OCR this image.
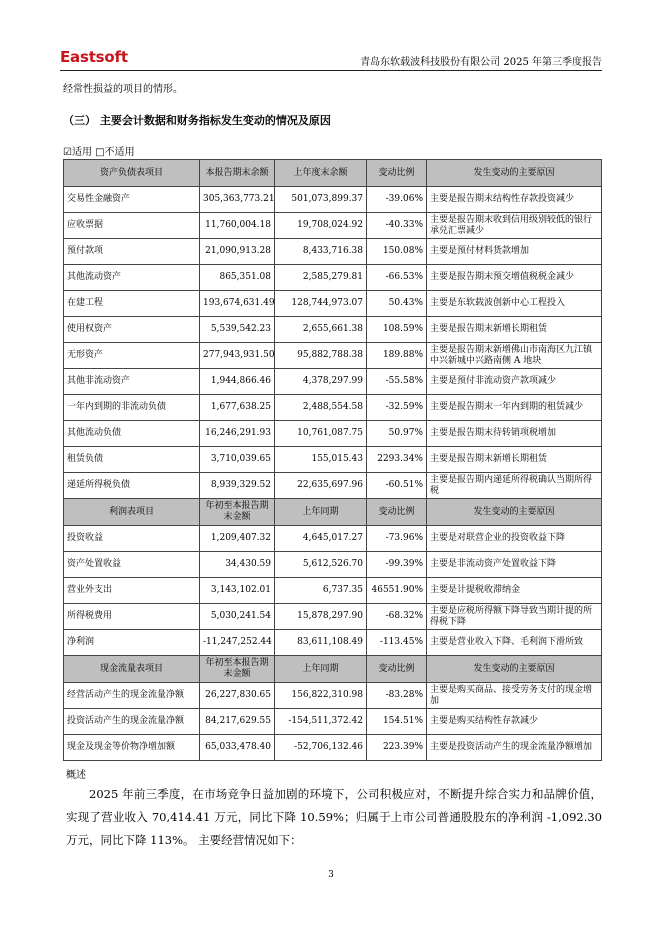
Eastsoft	青岛东软载波科技股份有限公司 2025 年第三季度报告
经常性损益的项目的情形。
（三） 主要会计数据和财务指标发生变动的情况及原因
☑适用 □不适用
资产负债表项目	本报告期末余额	上年度末余额	变动比例	发生变动的主要原因
交易性金融资产	305,363,773.21	501,073,899.37	-39.06%	主要是报告期末结构性存款投资减少
应收票据	11,760,004.18	19,708,024.92	-40.33%	主要是报告期末收到信用级别较低的银行承兑汇票减少
预付款项	21,090,913.28	8,433,716.38	150.08%	主要是预付材料货款增加
其他流动资产	865,351.08	2,585,279.81	-66.53%	主要是报告期末预交增值税税金减少
在建工程	193,674,631.49	128,744,973.07	50.43%	主要是东软载波创新中心工程投入
使用权资产	5,539,542.23	2,655,661.38	108.59%	主要是报告期末新增长期租赁
无形资产	277,943,931.50	95,882,788.38	189.88%	主要是报告期末新增佛山市南海区九江镇中兴新城中兴路南侧 A 地块
其他非流动资产	1,944,866.46	4,378,297.99	-55.58%	主要是预付非流动资产款项减少
一年内到期的非流动负债	1,677,638.25	2,488,554.58	-32.59%	主要是报告期末一年内到期的租赁减少
其他流动负债	16,246,291.93	10,761,087.75	50.97%	主要是报告期末待转销项税增加
租赁负债	3,710,039.65	155,015.43	2293.34%	主要是报告期末新增长期租赁
递延所得税负债	8,939,329.52	22,635,697.96	-60.51%	主要是报告期内递延所得税确认当期所得税
利润表项目	年初至本报告期末金额	上年同期	变动比例	发生变动的主要原因
投资收益	1,209,407.32	4,645,017.27	-73.96%	主要是对联营企业的投资收益下降
资产处置收益	34,430.59	5,612,526.70	-99.39%	主要是非流动资产处置收益下降
营业外支出	3,143,102.01	6,737.35	46551.90%	主要是计提税收滞纳金
所得税费用	5,030,241.54	15,878,297.90	-68.32%	主要是应税所得额下降导致当期计提的所得税下降
净利润	-11,247,252.44	83,611,108.49	-113.45%	主要是营业收入下降、毛利润下滑所致
现金流量表项目	年初至本报告期末金额	上年同期	变动比例	发生变动的主要原因
经营活动产生的现金流量净额	26,227,830.65	156,822,310.98	-83.28%	主要是购买商品、接受劳务支付的现金增加
投资活动产生的现金流量净额	84,217,629.55	-154,511,372.42	154.51%	主要是购买结构性存款减少
现金及现金等价物净增加额	65,033,478.40	-52,706,132.46	223.39%	主要是投资活动产生的现金流量净额增加
概述
2025 年前三季度，在市场竞争日益加剧的环境下，公司积极应对，不断提升综合实力和品牌价值，实现了营业收入 70,414.41 万元，同比下降 10.59%；归属于上市公司普通股股东的净利润 -1,092.30 万元，同比下降 113%。 主要经营情况如下：
3
